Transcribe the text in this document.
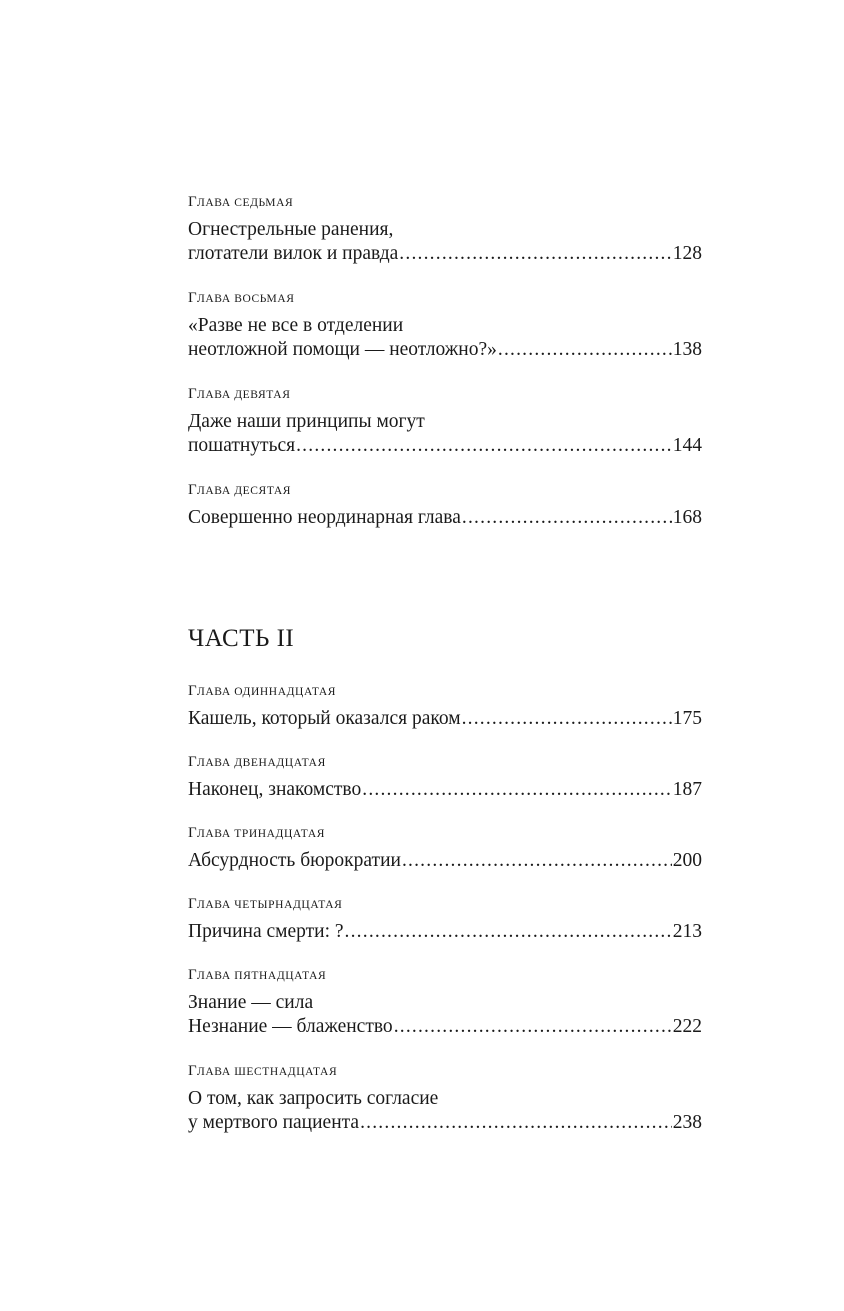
ГЛАВА СЕДЬМАЯ
Огнестрельные ранения,
глотатели вилок и правда .....	128
ГЛАВА ВОСЬМАЯ
«Разве не все в отделении
неотложной помощи — неотложно?» .....	138
ГЛАВА ДЕВЯТАЯ
Даже наши принципы могут
пошатнуться .....	144
ГЛАВА ДЕСЯТАЯ
Совершенно неординарная глава .....	168
ЧАСТЬ II
ГЛАВА ОДИННАДЦАТАЯ
Кашель, который оказался раком .....	175
ГЛАВА ДВЕНАДЦАТАЯ
Наконец, знакомство .....	187
ГЛАВА ТРИНАДЦАТАЯ
Абсурдность бюрократии .....	200
ГЛАВА ЧЕТЫРНАДЦАТАЯ
Причина смерти: ? .....	213
ГЛАВА ПЯТНАДЦАТАЯ
Знание — сила
Незнание — блаженство .....	222
ГЛАВА ШЕСТНАДЦАТАЯ
О том, как запросить согласие
у мертвого пациента .....	238
